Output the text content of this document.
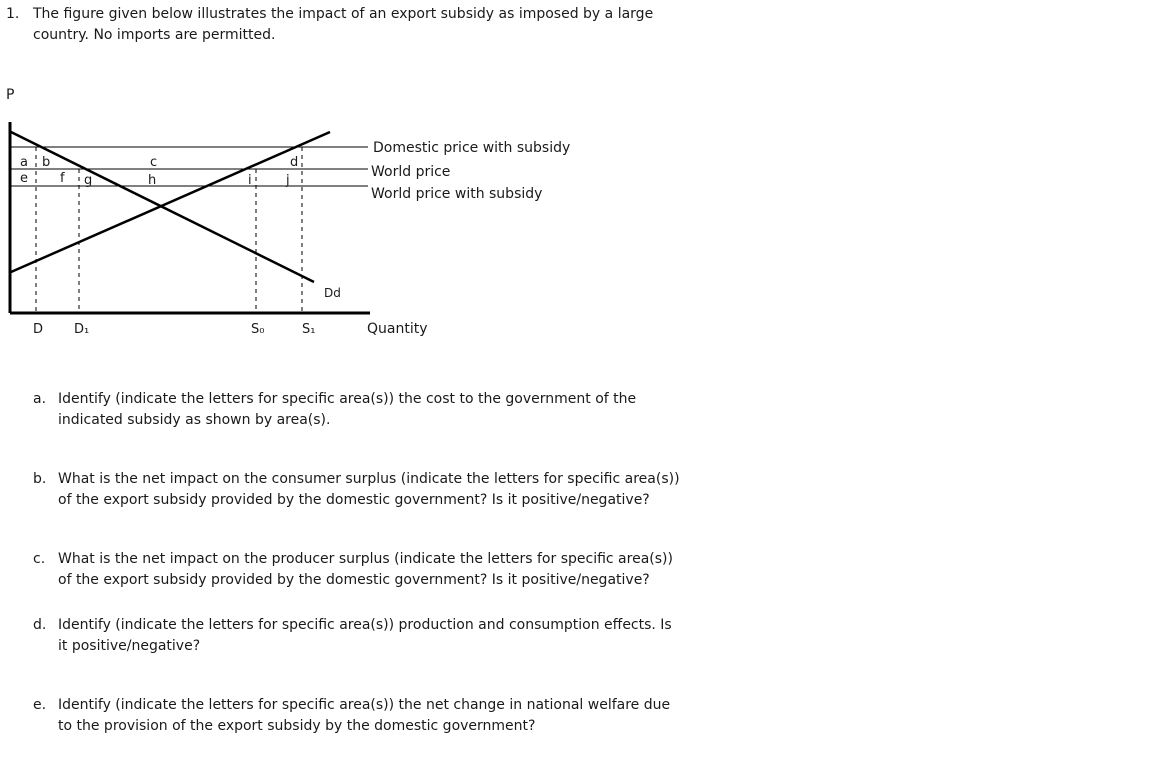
1. The figure given below illustrates the impact of an export subsidy as imposed by a large
country. No imports are permitted.
a b	c	d
e f g	h	i	j
Dd
P
Quantity
D D₁	S₀	S₁
Domestic price with subsidy
World price
World price with subsidy
a. Identify (indicate the letters for specific area(s)) the cost to the government of the
indicated subsidy as shown by area(s).
b. What is the net impact on the consumer surplus (indicate the letters for specific area(s))
of the export subsidy provided by the domestic government? Is it positive/negative?
c. What is the net impact on the producer surplus (indicate the letters for specific area(s))
of the export subsidy provided by the domestic government? Is it positive/negative?
d. Identify (indicate the letters for specific area(s)) production and consumption effects. Is
it positive/negative?
e. Identify (indicate the letters for specific area(s)) the net change in national welfare due
to the provision of the export subsidy by the domestic government?
